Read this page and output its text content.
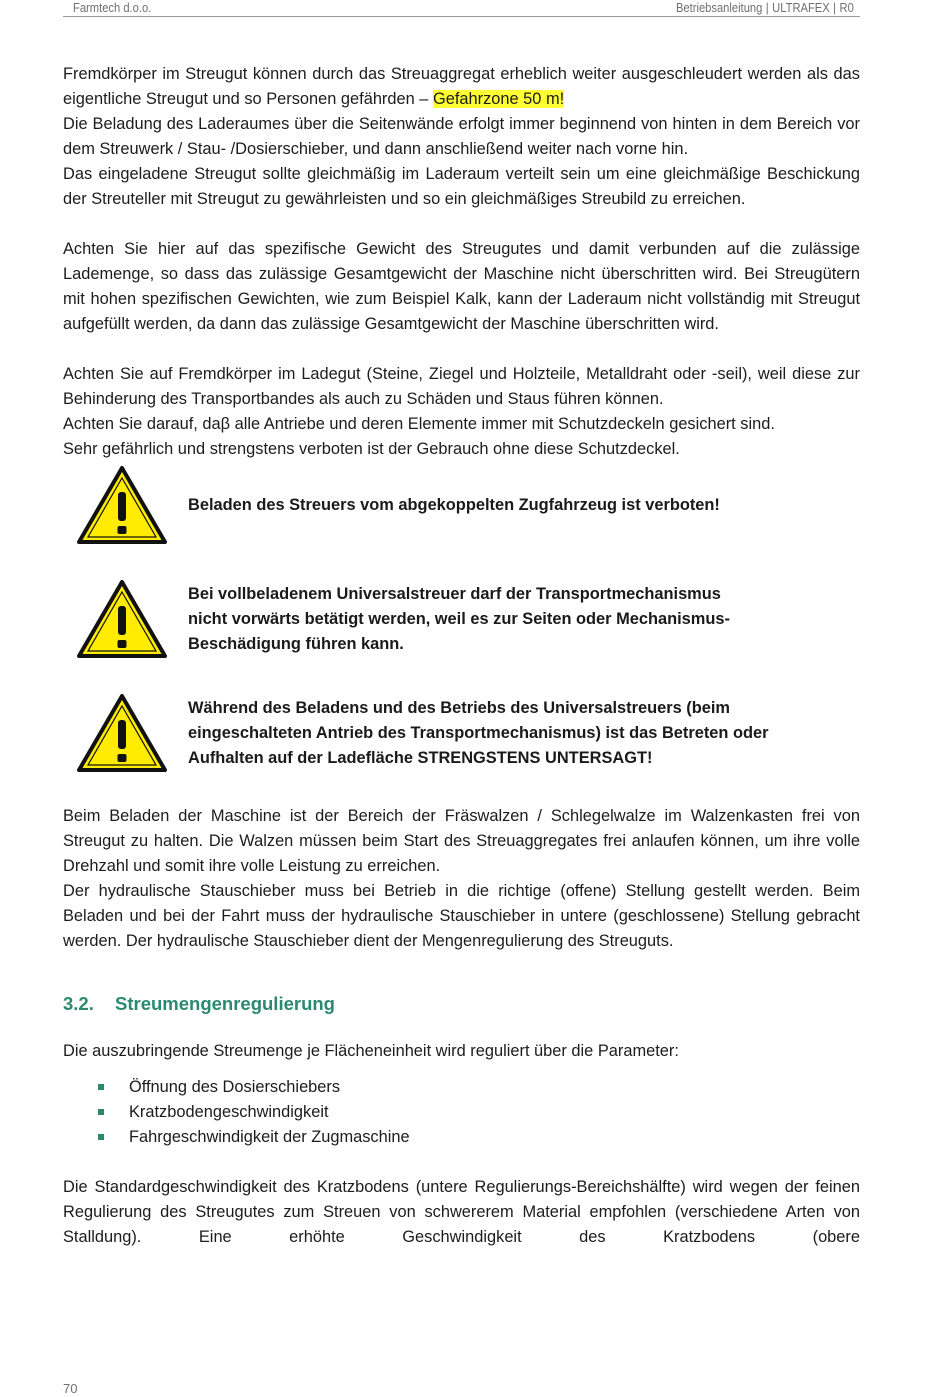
Farmtech d.o.o.	Betriebsanleitung | ULTRAFEX | R0

Fremdkörper im Streugut können durch das Streuaggregat erheblich weiter ausgeschleudert werden als das eigentliche Streugut und so Personen gefährden – Gefahrzone 50 m!

Die Beladung des Laderaumes über die Seitenwände erfolgt immer beginnend von hinten in dem Bereich vor dem Streuwerk / Stau- /Dosierschieber, und dann anschließend weiter nach vorne hin.

Das eingeladene Streugut sollte gleichmäßig im Laderaum verteilt sein um eine gleichmäßige Beschickung der Streuteller mit Streugut zu gewährleisten und so ein gleichmäßiges Streubild zu erreichen.

Achten Sie hier auf das spezifische Gewicht des Streugutes und damit verbunden auf die zulässige Lademenge, so dass das zulässige Gesamtgewicht der Maschine nicht überschritten wird. Bei Streugütern mit hohen spezifischen Gewichten, wie zum Beispiel Kalk, kann der Laderaum nicht vollständig mit Streugut aufgefüllt werden, da dann das zulässige Gesamtgewicht der Maschine überschritten wird.

Achten Sie auf Fremdkörper im Ladegut (Steine, Ziegel und Holzteile, Metalldraht oder -seil), weil diese zur Behinderung des Transportbandes als auch zu Schäden und Staus führen können.

Achten Sie darauf, daβ alle Antriebe und deren Elemente immer mit Schutzdeckeln gesichert sind.

Sehr gefährlich und strengstens verboten ist der Gebrauch ohne diese Schutzdeckel.

Beladen des Streuers vom abgekoppelten Zugfahrzeug ist verboten!
Bei vollbeladenem Universalstreuer darf der Transportmechanismus nicht vorwärts betätigt werden, weil es zur Seiten oder Mechanismus-Beschädigung führen kann.
Während des Beladens und des Betriebs des Universalstreuers (beim eingeschalteten Antrieb des Transportmechanismus) ist das Betreten oder Aufhalten auf der Ladefläche STRENGSTENS UNTERSAGT!

Beim Beladen der Maschine ist der Bereich der Fräswalzen / Schlegelwalze im Walzenkasten frei von Streugut zu halten. Die Walzen müssen beim Start des Streuaggregates frei anlaufen können, um ihre volle Drehzahl und somit ihre volle Leistung zu erreichen.

Der hydraulische Stauschieber muss bei Betrieb in die richtige (offene) Stellung gestellt werden. Beim Beladen und bei der Fahrt muss der hydraulische Stauschieber in untere (geschlossene) Stellung gebracht werden. Der hydraulische Stauschieber dient der Mengenregulierung des Streuguts.

3.2. Streumengenregulierung

Die auszubringende Streumenge je Flächeneinheit wird reguliert über die Parameter:

Öffnung des Dosierschiebers
Kratzbodengeschwindigkeit
Fahrgeschwindigkeit der Zugmaschine

Die Standardgeschwindigkeit des Kratzbodens (untere Regulierungs-Bereichshälfte) wird wegen der feinen Regulierung des Streugutes zum Streuen von schwererem Material empfohlen (verschiedene Arten von Stalldung). Eine erhöhte Geschwindigkeit des Kratzbodens (obere

70
